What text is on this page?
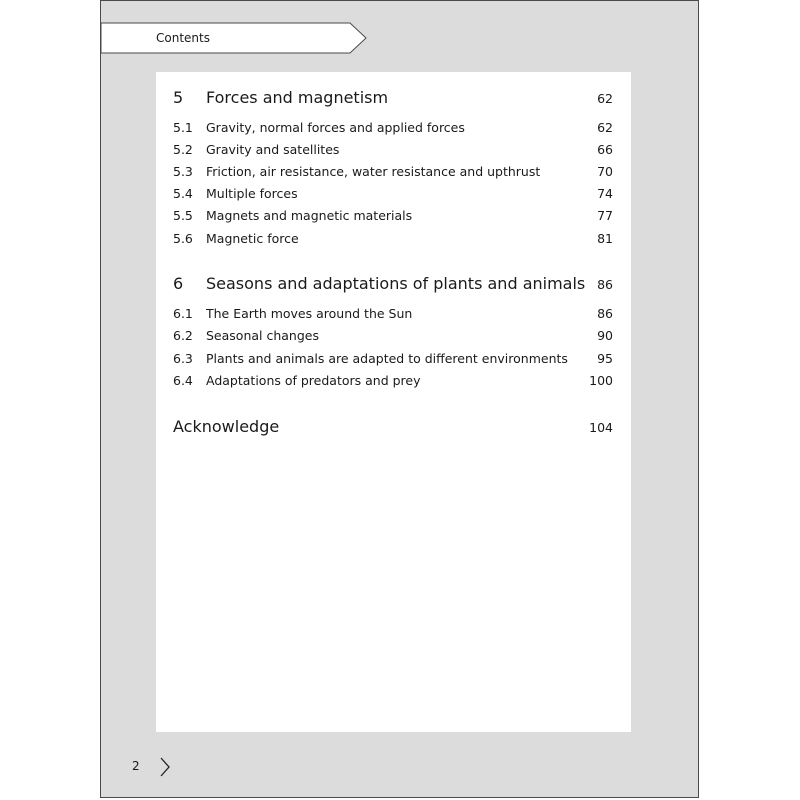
Contents
5 Forces and magnetism	62
5.1 Gravity, normal forces and applied forces	62
5.2 Gravity and satellites	66
5.3 Friction, air resistance, water resistance and upthrust	70
5.4 Multiple forces	74
5.5 Magnets and magnetic materials	77
5.6 Magnetic force	81
6 Seasons and adaptations of plants and animals 86
6.1 The Earth moves around the Sun	86
6.2 Seasonal changes	90
6.3 Plants and animals are adapted to different environments 95
6.4 Adaptations of predators and prey	100
Acknowledge	104
2
